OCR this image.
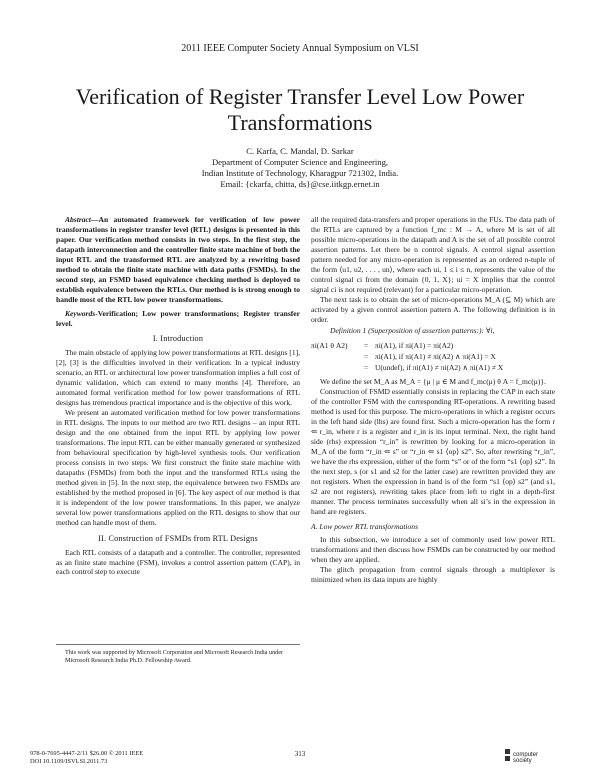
2011 IEEE Computer Society Annual Symposium on VLSI
Verification of Register Transfer Level Low Power Transformations
C. Karfa, C. Mandal, D. Sarkar
Department of Computer Science and Engineering,
Indian Institute of Technology, Kharagpur 721302, India.
Email: {ckarfa, chitta, ds}@cse.iitkgp.ernet.in

Abstract—An automated framework for verification of low power transformations in register transfer level (RTL) designs is presented in this paper. Our verification method consists in two steps. In the first step, the datapath interconnection and the controller finite state machine of both the input RTL and the transformed RTL are analyzed by a rewriting based method to obtain the finite state machine with data paths (FSMDs). In the second step, an FSMD based equivalence checking method is deployed to establish equivalence between the RTLs. Our method is is strong enough to handle most of the RTL low power transformations.

Keywords-Verification; Low power transformations; Register transfer level.

I. Introduction

The main obstacle of applying low power transformations at RTL designs [1], [2], [3] is the difficulties involved in their verification. In a typical industry scenario, an RTL or architectural low power transformation implies a full cost of dynamic validation, which can extend to many months [4]. Therefore, an automated formal verification method for low power transformations of RTL designs has tremendous practical importance and is the objective of this work.

We present an automated verification method for low power transformations in RTL designs. The inputs to our method are two RTL designs – an input RTL design and the one obtained from the input RTL by applying low power transformations. The input RTL can be either manually generated or synthesized from behavioural specification by high-level synthesis tools. Our verification process consists in two steps. We first construct the finite state machine with datapaths (FSMDs) from both the input and the transformed RTLs using the method given in [5]. In the next step, the equivalence between two FSMDs are established by the method proposed in [6]. The key aspect of our method is that it is independent of the low power transformations. In this paper, we analyze several low power transformations applied on the RTL designs to show that our method can handle most of them.

II. Construction of FSMDs from RTL Designs

Each RTL consists of a datapath and a controller. The controller, represented as an finite state machine (FSM), invokes a control assertion pattern (CAP), in each control step to execute

This work was supported by Microsoft Corporation and Microsoft Research India under Microsoft Research India Ph.D. Fellowship Award.

all the required data-transfers and proper operations in the FUs. The data path of the RTLs are captured by a function f_mc : M → A, where M is set of all possible micro-operations in the datapath and A is the set of all possible control assertion patterns. Let there be n control signals. A control signal assertion pattern needed for any micro-operation is represented as an ordered n-tuple of the form ⟨u1, u2, . . . , un⟩, where each ui, 1 ≤ i ≤ n, represents the value of the control signal ci from the domain {0, 1, X}; ui = X implies that the control signal ci is not required (relevant) for a particular micro-operation.

The next task is to obtain the set of micro-operations M_A (⊆ M) which are activated by a given control assertion pattern A. The following definition is in order.

Definition 1 (Superposition of assertion patterns:): ∀i,

πi(A1 θ A2)	= πi(A1), if πi(A1) = πi(A2)
= πi(A1), if πi(A1) ≠ πi(A2) ∧ πi(A1) = X
= U(undef), if πi(A1) ≠ πi(A2) ∧ πi(A1) ≠ X

We define the set M_A as M_A = {μ | μ ∈ M and f_mc(μ) θ A = f_mc(μ)}.

Construction of FSMD essentially consists in replacing the CAP in each state of the controller FSM with the corresponding RT-operations. A rewriting based method is used for this purpose. The micro-operations in which a register occurs in the left hand side (lhs) are found first. Such a micro-operation has the form r ⇐ r_in, where r is a register and r_in is its input terminal. Next, the right hand side (rhs) expression “r_in” is rewritten by looking for a micro-operation in M_A of the form “r_in ⇐ s” or “r_in ⇐ s1 ⟨op⟩ s2”. So, after rewriting “r_in”, we have the rhs expression, either of the form “s” or of the form “s1 ⟨op⟩ s2”. In the next step, s (or s1 and s2 for the latter case) are rewritten provided they are not registers. When the expression in hand is of the form “s1 ⟨op⟩ s2” (and s1, s2 are not registers), rewriting takes place from left to right in a depth-first manner. The process terminates successfully when all si’s in the expression in hand are registers.

A. Low power RTL transformations

In this subsection, we introduce a set of commonly used low power RTL transformations and then discuss how FSMDs can be constructed by our method when they are applied.

The glitch propagation from control signals through a multiplexer is minimized when its data inputs are highly

978-0-7695-4447-2/11 $26.00 © 2011 IEEE
DOI 10.1109/ISVLSI.2011.73
313	computer
society
